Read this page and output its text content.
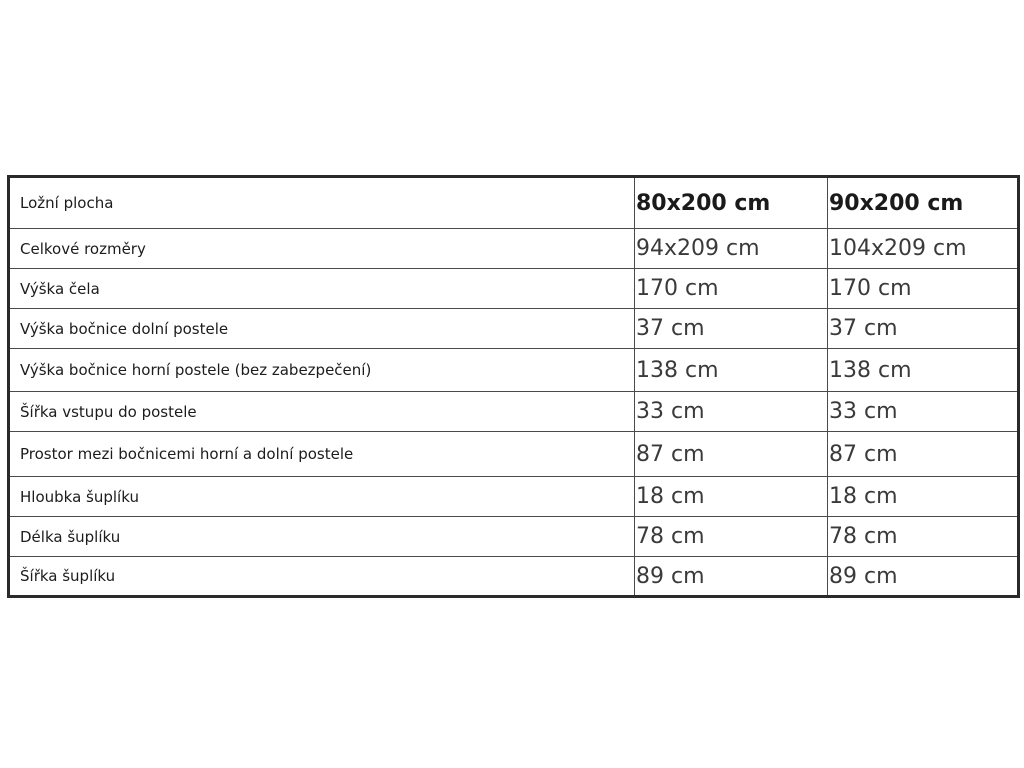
Ložní plocha	80x200 cm	90x200 cm
Celkové rozměry	94x209 cm	104x209 cm
Výška čela	170 cm	170 cm
Výška bočnice dolní postele	37 cm	37 cm
Výška bočnice horní postele (bez zabezpečení)	138 cm	138 cm
Šířka vstupu do postele	33 cm	33 cm
Prostor mezi bočnicemi horní a dolní postele	87 cm	87 cm
Hloubka šuplíku	18 cm	18 cm
Délka šuplíku	78 cm	78 cm
Šířka šuplíku	89 cm	89 cm
